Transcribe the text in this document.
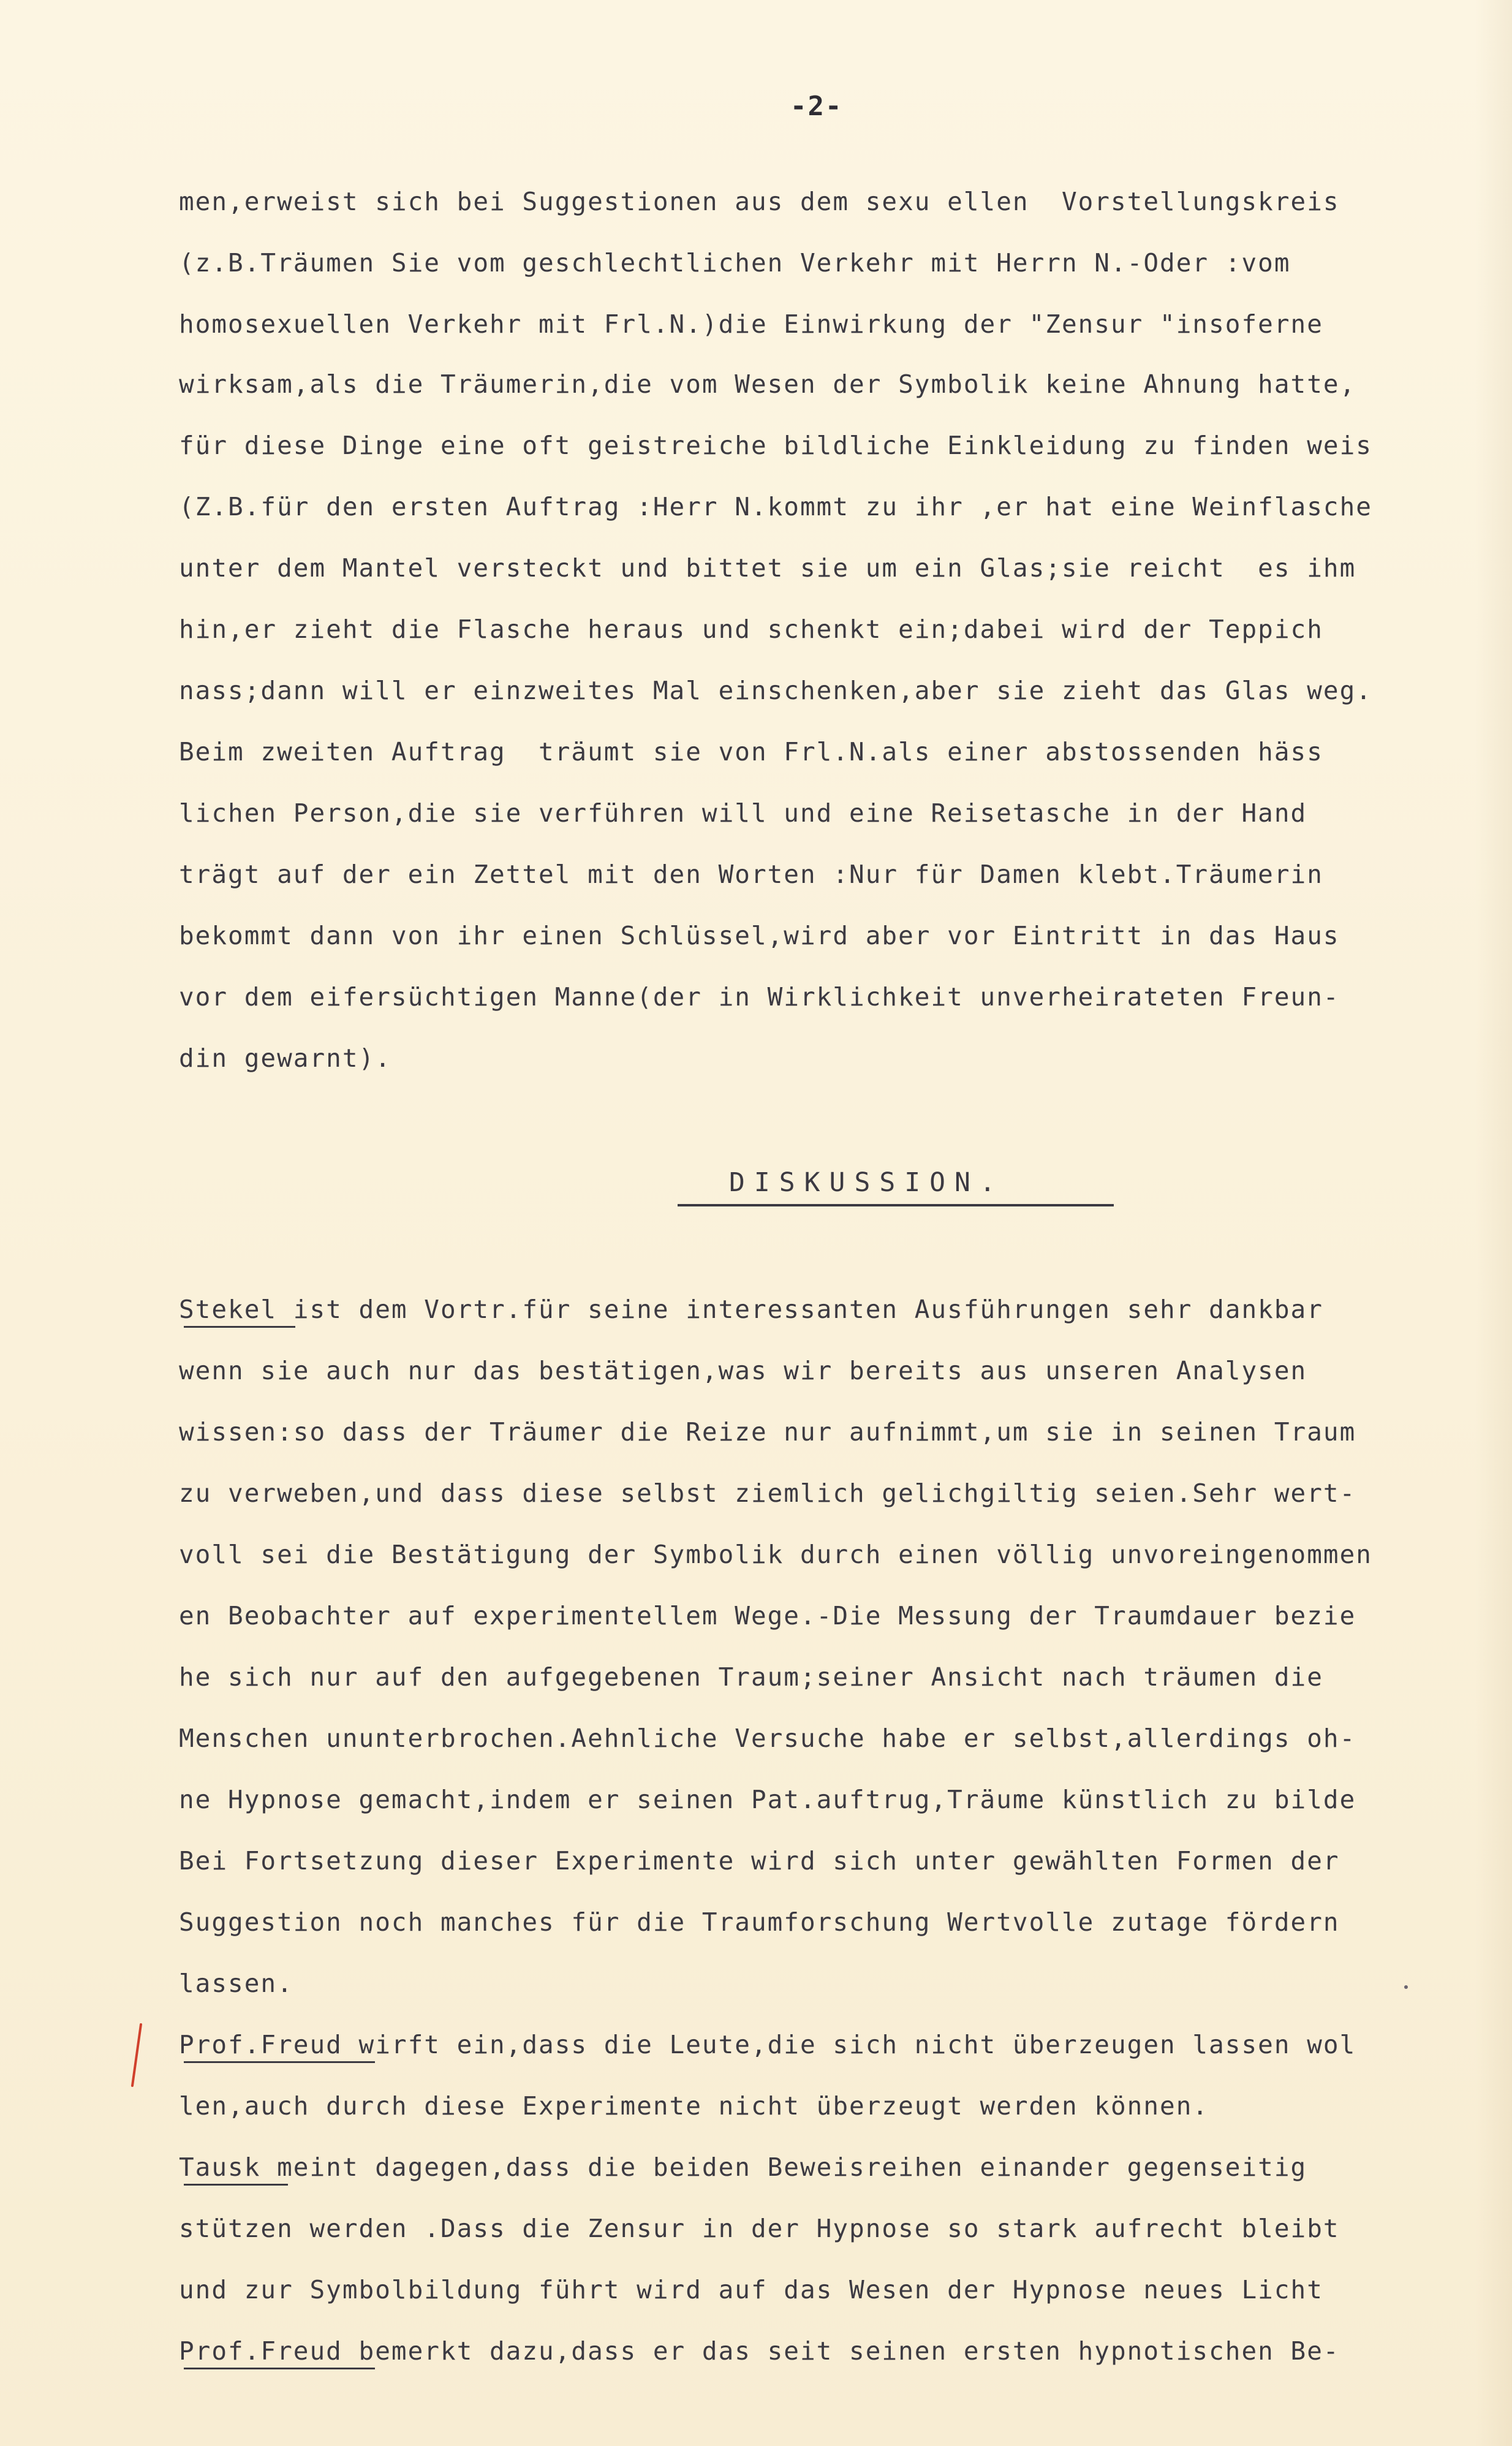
-2-
men,erweist sich bei Suggestionen aus dem sexu ellen  Vorstellungskreis
(z.B.Träumen Sie vom geschlechtlichen Verkehr mit Herrn N.-Oder :vom
homosexuellen Verkehr mit Frl.N.)die Einwirkung der "Zensur "insoferne
wirksam,als die Träumerin,die vom Wesen der Symbolik keine Ahnung hatte,
für diese Dinge eine oft geistreiche bildliche Einkleidung zu finden weis
(Z.B.für den ersten Auftrag :Herr N.kommt zu ihr ,er hat eine Weinflasche
unter dem Mantel versteckt und bittet sie um ein Glas;sie reicht  es ihm
hin,er zieht die Flasche heraus und schenkt ein;dabei wird der Teppich
nass;dann will er einzweites Mal einschenken,aber sie zieht das Glas weg.
Beim zweiten Auftrag  träumt sie von Frl.N.als einer abstossenden häss
lichen Person,die sie verführen will und eine Reisetasche in der Hand
trägt auf der ein Zettel mit den Worten :Nur für Damen klebt.Träumerin
bekommt dann von ihr einen Schlüssel,wird aber vor Eintritt in das Haus
vor dem eifersüchtigen Manne(der in Wirklichkeit unverheirateten Freun-
din gewarnt).
DISKUSSION.
Stekel ist dem Vortr.für seine interessanten Ausführungen sehr dankbar
wenn sie auch nur das bestätigen,was wir bereits aus unseren Analysen
wissen:so dass der Träumer die Reize nur aufnimmt,um sie in seinen Traum
zu verweben,und dass diese selbst ziemlich gelichgiltig seien.Sehr wert-
voll sei die Bestätigung der Symbolik durch einen völlig unvoreingenommen
en Beobachter auf experimentellem Wege.-Die Messung der Traumdauer bezie
he sich nur auf den aufgegebenen Traum;seiner Ansicht nach träumen die
Menschen ununterbrochen.Aehnliche Versuche habe er selbst,allerdings oh-
ne Hypnose gemacht,indem er seinen Pat.auftrug,Träume künstlich zu bilde
Bei Fortsetzung dieser Experimente wird sich unter gewählten Formen der
Suggestion noch manches für die Traumforschung Wertvolle zutage fördern
lassen.
Prof.Freud wirft ein,dass die Leute,die sich nicht überzeugen lassen wol
len,auch durch diese Experimente nicht überzeugt werden können.
Tausk meint dagegen,dass die beiden Beweisreihen einander gegenseitig
stützen werden .Dass die Zensur in der Hypnose so stark aufrecht bleibt
und zur Symbolbildung führt wird auf das Wesen der Hypnose neues Licht
Prof.Freud bemerkt dazu,dass er das seit seinen ersten hypnotischen Be-
